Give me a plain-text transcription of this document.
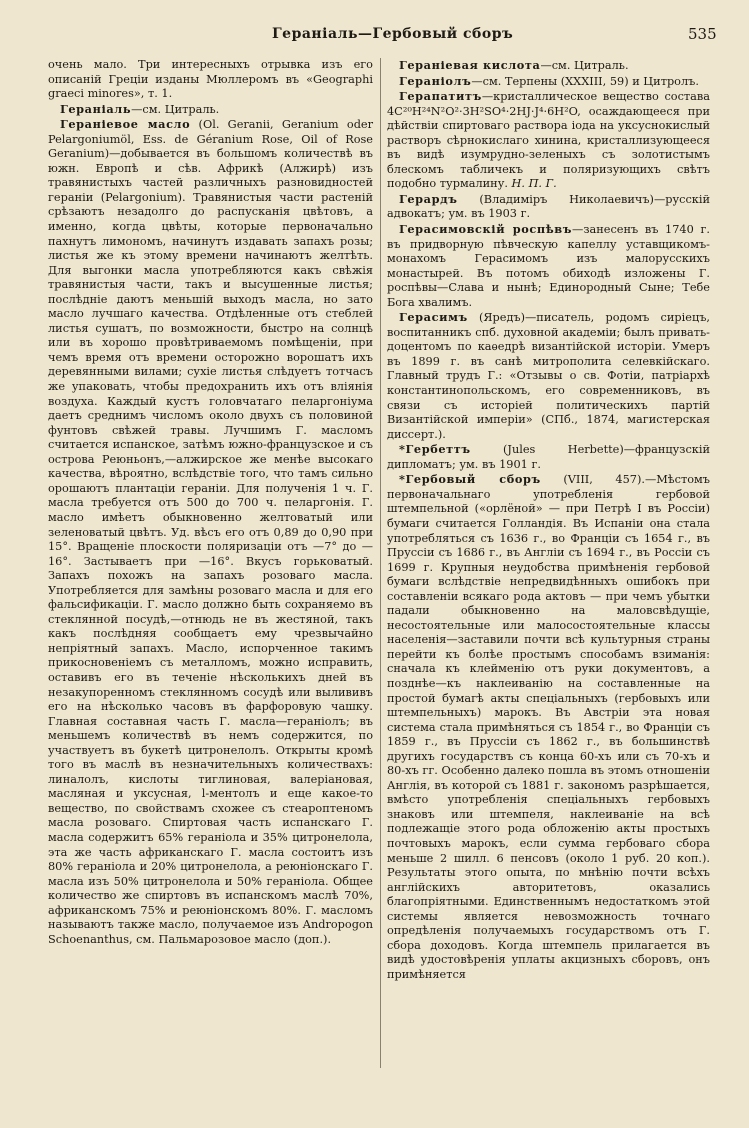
Гераніаль—Гербовый сборъ	535

очень мало. Три интересныхъ отрывка изъ его описаній Греціи изданы Мюллеромъ въ «Geographi graeci minores», т. 1.

Гераніаль—см. Цитраль.

Гераніевое масло (Ol. Geranii, Geranium oder Pelargoniumöl, Ess. de Géranium Rose, Oil of Rose Geranium)—добывается въ большомъ количествѣ въ южн. Европѣ и сѣв. Африкѣ (Алжирѣ) изъ травянистыхъ частей различныхъ разновидностей гераніи (Pelargonium). Травянистыя части растеній срѣзаютъ незадолго до распусканія цвѣтовъ, а именно, когда цвѣты, которые первоначально пахнутъ лимономъ, начинутъ издавать запахъ розы; листья же къ этому времени начинаютъ желтѣть. Для выгонки масла употребляются какъ свѣжія травянистыя части, такъ и высушенные листья; послѣдніе даютъ меньшій выходъ масла, но зато масло лучшаго качества. Отдѣленные отъ стеблей листья сушатъ, по возможности, быстро на солнцѣ или въ хорошо провѣтриваемомъ помѣщеніи, при чемъ время отъ времени осторожно ворошатъ ихъ деревянными вилами; сухіе листья слѣдуетъ тотчасъ же упаковать, чтобы предохранить ихъ отъ вліянія воздуха. Каждый кустъ головчатаго пеларгоніума даетъ среднимъ числомъ около двухъ съ половиной фунтовъ свѣжей травы. Лучшимъ Г. масломъ считается испанское, затѣмъ южно-французское и съ острова Реюньонъ,—алжирское же менѣе высокаго качества, вѣроятно, вслѣдствіе того, что тамъ сильно орошаютъ плантаціи гераніи. Для полученія 1 ч. Г. масла требуется отъ 500 до 700 ч. пеларгонія. Г. масло имѣетъ обыкновенно желтоватый или зеленоватый цвѣтъ. Уд. вѣсъ его отъ 0,89 до 0,90 при 15°. Вращеніе плоскости поляризаціи отъ —7° до —16°. Застываетъ при —16°. Вкусъ горьковатый. Запахъ похожъ на запахъ розоваго масла. Употребляется для замѣны розоваго масла и для его фальсификаціи. Г. масло должно быть сохраняемо въ стеклянной посудѣ,—отнюдь не въ жестяной, такъ какъ послѣдняя сообщаетъ ему чрезвычайно непріятный запахъ. Масло, испорченное такимъ прикосновеніемъ съ металломъ, можно исправить, оставивъ его въ теченіе нѣсколькихъ дней въ незакупоренномъ стеклянномъ сосудѣ или вылививъ его на нѣсколько часовъ въ фарфоровую чашку. Главная составная часть Г. масла—гераніолъ; въ меньшемъ количествѣ въ немъ содержится, по участвуетъ въ букетѣ цитронелолъ. Открыты кромѣ того въ маслѣ въ незначительныхъ количествахъ: линалолъ, кислоты тиглиновая, валеріановая, масляная и уксусная, l-ментолъ и еще какое-то вещество, по свойствамъ схожее съ стеароптеномъ масла розоваго. Спиртовая часть испанскаго Г. масла содержитъ 65% гераніола и 35% цитронелола, эта же часть африканскаго Г. масла состоитъ изъ 80% гераніола и 20% цитронелола, а реюніонскаго Г. масла изъ 50% цитронелола и 50% гераніола. Общее количество же спиртовъ въ испанскомъ маслѣ 70%, африканскомъ 75% и реюніонскомъ 80%. Г. масломъ называютъ также масло, получаемое изъ Andropogon Schoenanthus, см. Пальмарозовое масло (доп.).

Гераніевая кислота—см. Цитраль.

Гераніолъ—см. Терпены (XXXIII, 59) и Цитролъ.

Герапатитъ—кристаллическое вещество состава 4C²⁰H²⁴N²O²·3H²SO⁴·2HJ·J⁴·6H²O, осаждающееся при дѣйствіи спиртоваго раствора іода на уксуснокислый растворъ сѣрнокислаго хинина, кристаллизующееся въ видѣ изумрудно-зеленыхъ съ золотистымъ блескомъ табличекъ и поляризующихъ свѣтъ подобно турмалину. Н. П. Г.

Герардъ (Владиміръ Николаевичъ)—русскій адвокатъ; ум. въ 1903 г.

Герасимовскій роспѣвъ—занесенъ въ 1740 г. въ придворную пѣвческую капеллу уставщикомъ-монахомъ Герасимомъ изъ малорусскихъ монастырей. Въ потомъ обиходѣ изложены Г. роспѣвы—Слава и нынѣ; Единородный Сыне; Тебе Бога хвалимъ.

Герасимъ (Яредъ)—писатель, родомъ сиріецъ, воспитанникъ спб. духовной академіи; былъ привать-доцентомъ по каѳедрѣ византійской исторіи. Умеръ въ 1899 г. въ санѣ митрополита селевкійскаго. Главный трудъ Г.: «Отзывы о св. Фотіи, патріархѣ константинопольскомъ, его современниковъ, въ связи съ исторіей политическихъ партій Византійской имперіи» (СПб., 1874, магистерская диссерт.).

*Гербеттъ (Jules Herbette)—французскій дипломатъ; ум. въ 1901 г.

*Гербовый сборъ (VIII, 457).—Мѣстомъ первоначальнаго употребленія гербовой штемпельной («орлёной» — при Петрѣ I въ Россіи) бумаги считается Голландія. Въ Испаніи она стала употребляться съ 1636 г., во Франціи съ 1654 г., въ Пруссіи съ 1686 г., въ Англіи съ 1694 г., въ Россіи съ 1699 г. Крупныя неудобства примѣненія гербовой бумаги вслѣдствіе непредвидѣнныхъ ошибокъ при составленіи всякаго рода актовъ — при чемъ убытки падали обыкновенно на маловсвѣдущіе, несостоятельные или малосостоятельные классы населенія—заставили почти всѣ культурныя страны перейти къ болѣе простымъ способамъ взиманія: сначала къ клейменію отъ руки документовъ, а позднѣе—къ наклеиванію на составленные на простой бумагѣ акты спеціальныхъ (гербовыхъ или штемпельныхъ) марокъ. Въ Австріи эта новая система стала примѣняться съ 1854 г., во Франціи съ 1859 г., въ Пруссіи съ 1862 г., въ большинствѣ другихъ государствъ съ конца 60-хъ или съ 70-хъ и 80-хъ гг. Особенно далеко пошла въ этомъ отношеніи Англія, въ которой съ 1881 г. закономъ разрѣшается, вмѣсто употребленія спеціальныхъ гербовыхъ знаковъ или штемпеля, наклеиваніе на всѣ подлежащіе этого рода обложенію акты простыхъ почтовыхъ марокъ, если сумма гербоваго сбора меньше 2 шилл. 6 пенсовъ (около 1 руб. 20 коп.). Результаты этого опыта, по мнѣнію почти всѣхъ англійскихъ авторитетовъ, оказались благопріятными. Единственнымъ недостаткомъ этой системы является невозможность точнаго опредѣленія получаемыхъ государствомъ отъ Г. сбора доходовъ. Когда штемпель прилагается въ видѣ удостовѣренія уплаты акцизныхъ сборовъ, онъ примѣняется
